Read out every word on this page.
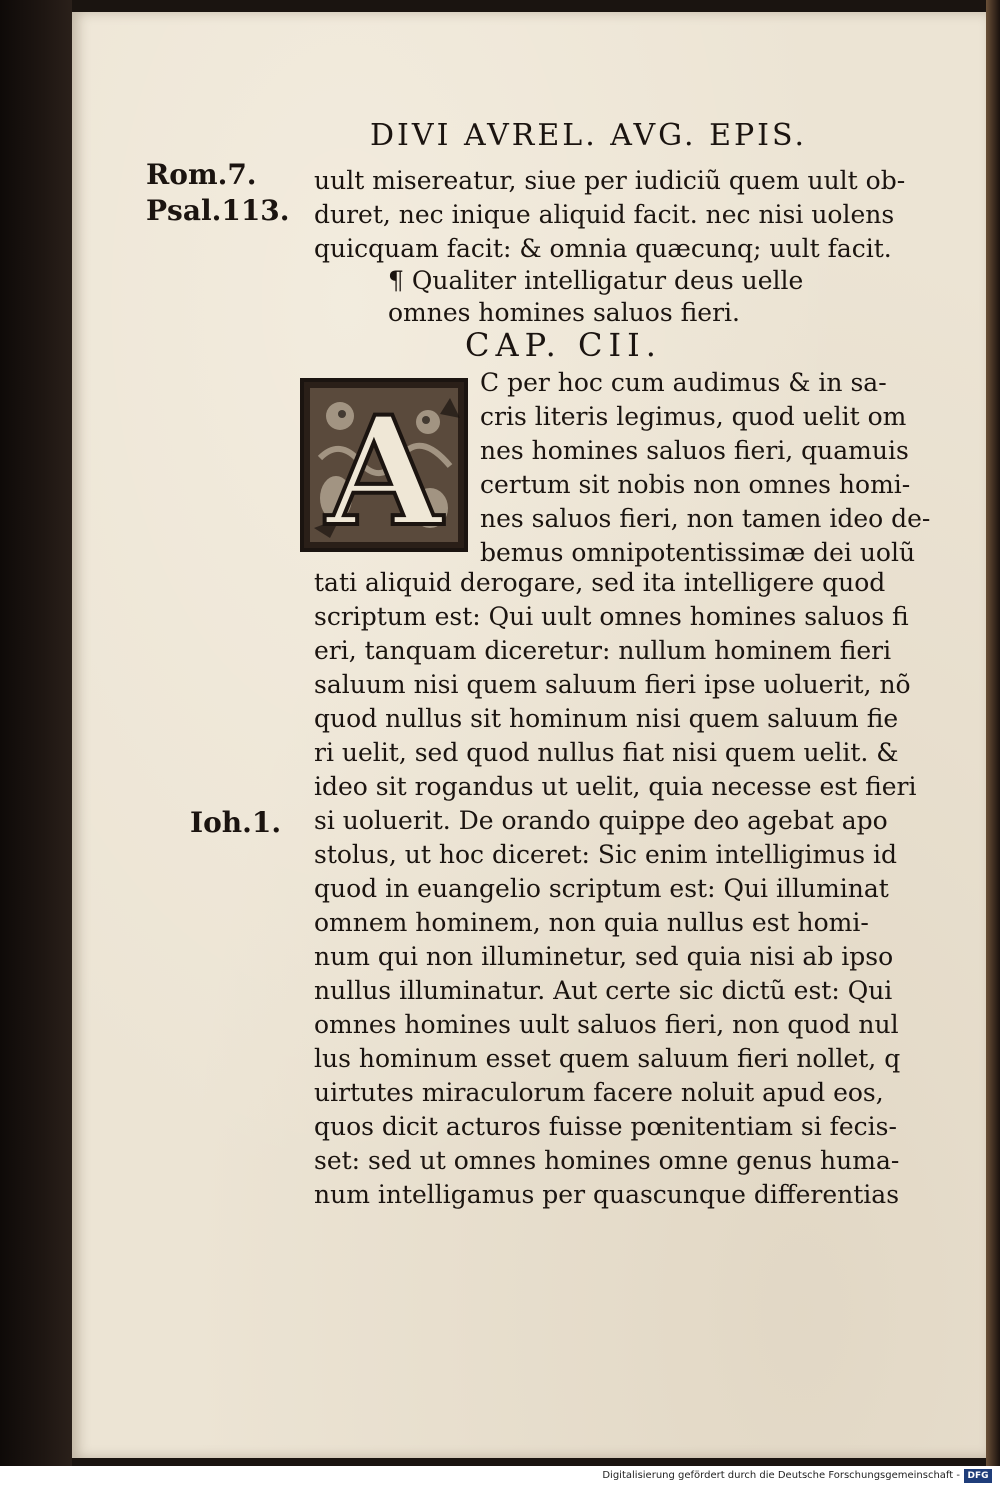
DIVI AVREL. AVG. EPIS.
Rom.7.
Psal.113.
Ioh.1.
uult misereatur, siue per iudiciũ quem uult ob-
duret, nec inique aliquid facit. nec nisi uolens
quicquam facit: & omnia quæcunq; uult facit.
¶ Qualiter intelligatur deus uelle
omnes homines saluos fieri.
CAP. CII.
A
C per hoc cum audimus & in sa-
cris literis legimus, quod uelit om
nes homines saluos fieri, quamuis
certum sit nobis non omnes homi-
nes saluos fieri, non tamen ideo de-
bemus omnipotentissimæ dei uolũ
tati aliquid derogare, sed ita intelligere quod
scriptum est: Qui uult omnes homines saluos fi
eri, tanquam diceretur: nullum hominem fieri
saluum nisi quem saluum fieri ipse uoluerit, nõ
quod nullus sit hominum nisi quem saluum fie
ri uelit, sed quod nullus fiat nisi quem uelit. &
ideo sit rogandus ut uelit, quia necesse est fieri
si uoluerit. De orando quippe deo agebat apo
stolus, ut hoc diceret: Sic enim intelligimus id
quod in euangelio scriptum est: Qui illuminat
omnem hominem, non quia nullus est homi-
num qui non illuminetur, sed quia nisi ab ipso
nullus illuminatur. Aut certe sic dictũ est: Qui
omnes homines uult saluos fieri, non quod nul
lus hominum esset quem saluum fieri nollet, q
uirtutes miraculorum facere noluit apud eos,
quos dicit acturos fuisse pœnitentiam si fecis-
set: sed ut omnes homines omne genus huma-
num intelligamus per quascunque differentias
Digitalisierung gefördert durch die Deutsche Forschungsgemeinschaft - DFG
